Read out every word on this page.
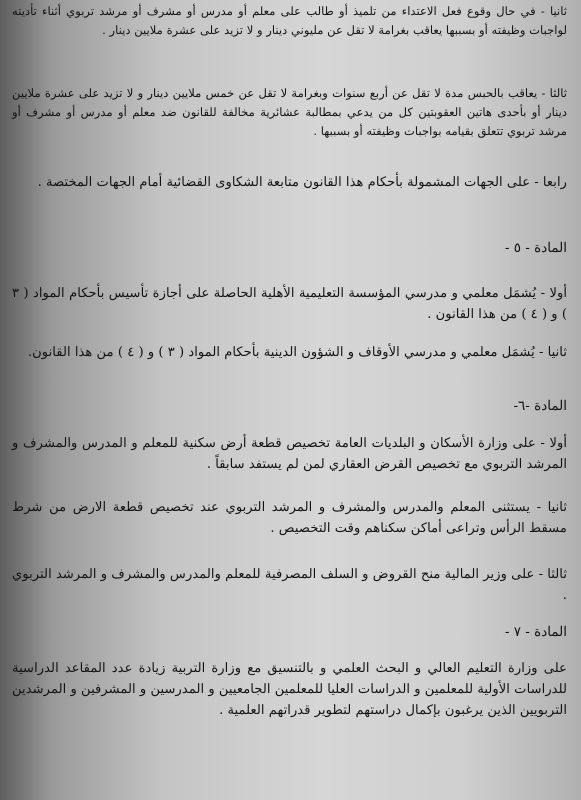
ثانيا - في حال وقوع فعل الاعتداء من تلميذ أو طالب على معلم أو مدرس أو مشرف أو مرشد تربوي أثناء تأديته لواجبات وظيفته أو بسببها يعاقب بغرامة لا تقل عن مليوني دينار و لا تزيد على عشرة ملايين دينار .

ثالثا - يعاقب بالحبس مدة لا تقل عن أربع سنوات وبغرامة لا تقل عن خمس ملايين دينار و لا تزيد على عشرة ملايين دينار أو بأحدى هاتين العقوبتين كل من يدعي بمطالبة عشائرية مخالفة للقانون ضد معلم أو مدرس أو مشرف أو مرشد تربوي تتعلق بقيامه بواجبات وظيفته أو بسببها .

رابعا - على الجهات المشمولة بأحكام هذا القانون متابعة الشكاوى القضائية أمام الجهات المختصة .

المادة - ٥ -

أولا - يُشمَل معلمي و مدرسي المؤسسة التعليمية الأهلية الحاصلة على أجازة تأسيس بأحكام المواد ( ٣ ) و ( ٤ ) من هذا القانون .

ثانيا - يُشمَل معلمي و مدرسي الأوقاف و الشؤون الدينية بأحكام المواد ( ٣ ) و ( ٤ ) من هذا القانون.

المادة -٦-

أولا - على وزارة الأسكان و البلديات العامة تخصيص قطعة أرض سكنية للمعلم و المدرس والمشرف و المرشد التربوي مع تخصيص القرض العقاري لمن لم يستفد سابقاً .

ثانيا - يستثنى المعلم والمدرس والمشرف و المرشد التربوي عند تخصيص قطعة الارض من شرط مسقط الرأس وتراعى أماكن سكناهم وقت التخصيص .

ثالثا - على وزير المالية منح القروض و السلف المصرفية للمعلم والمدرس والمشرف و المرشد التربوي .

المادة - ٧ -

على وزارة التعليم العالي و البحث العلمي و بالتنسيق مع وزارة التربية زيادة عدد المقاعد الدراسية للدراسات الأولية للمعلمين و الدراسات العليا للمعلمين الجامعيين و المدرسين و المشرفين و المرشدين التربويين الذين يرغبون بإكمال دراستهم لتطوير قدراتهم العلمية .
